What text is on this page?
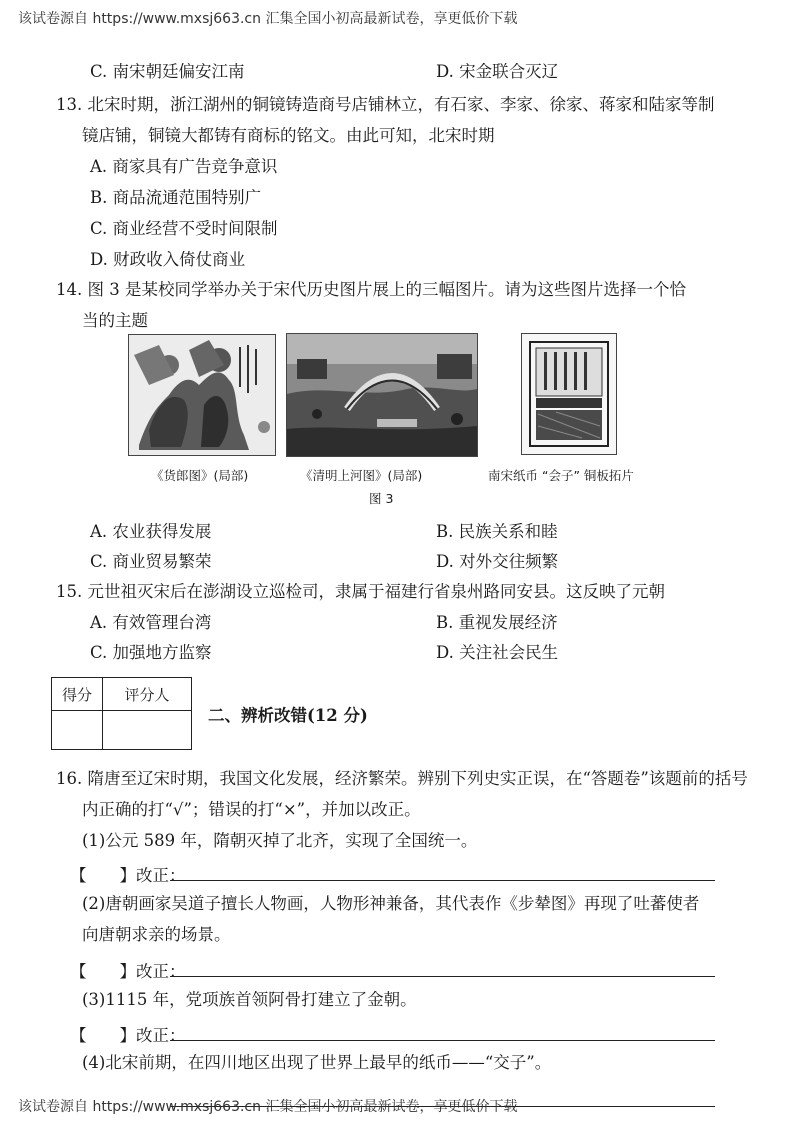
该试卷源自 https://www.mxsj663.cn 汇集全国小初高最新试卷，享更低价下载
C. 南宋朝廷偏安江南	D. 宋金联合灭辽
13. 北宋时期，浙江湖州的铜镜铸造商号店铺林立，有石家、李家、徐家、蒋家和陆家等制
镜店铺，铜镜大都铸有商标的铭文。由此可知，北宋时期
A. 商家具有广告竞争意识
B. 商品流通范围特别广
C. 商业经营不受时间限制
D. 财政收入倚仗商业
14. 图 3 是某校同学举办关于宋代历史图片展上的三幅图片。请为这些图片选择一个恰
当的主题
《货郎图》(局部)	《清明上河图》(局部)	南宋纸币 “会子” 铜板拓片
图 3
A. 农业获得发展	B. 民族关系和睦
C. 商业贸易繁荣	D. 对外交往频繁
15. 元世祖灭宋后在澎湖设立巡检司，隶属于福建行省泉州路同安县。这反映了元朝
A. 有效管理台湾	B. 重视发展经济
C. 加强地方监察	D. 关注社会民生
得分	评分人

二、辨析改错(12 分)
16. 隋唐至辽宋时期，我国文化发展，经济繁荣。辨别下列史实正误，在“答题卷”该题前的括号
内正确的打“√”；错误的打“×”，并加以改正。
(1)公元 589 年，隋朝灭掉了北齐，实现了全国统一。
【　　】改正：
(2)唐朝画家吴道子擅长人物画，人物形神兼备，其代表作《步辇图》再现了吐蕃使者
向唐朝求亲的场景。
【　　】改正：
(3)1115 年，党项族首领阿骨打建立了金朝。
【　　】改正：
(4)北宋前期，在四川地区出现了世界上最早的纸币——“交子”。
该试卷源自 https://www.mxsj663.cn 汇集全国小初高最新试卷，享更低价下载
